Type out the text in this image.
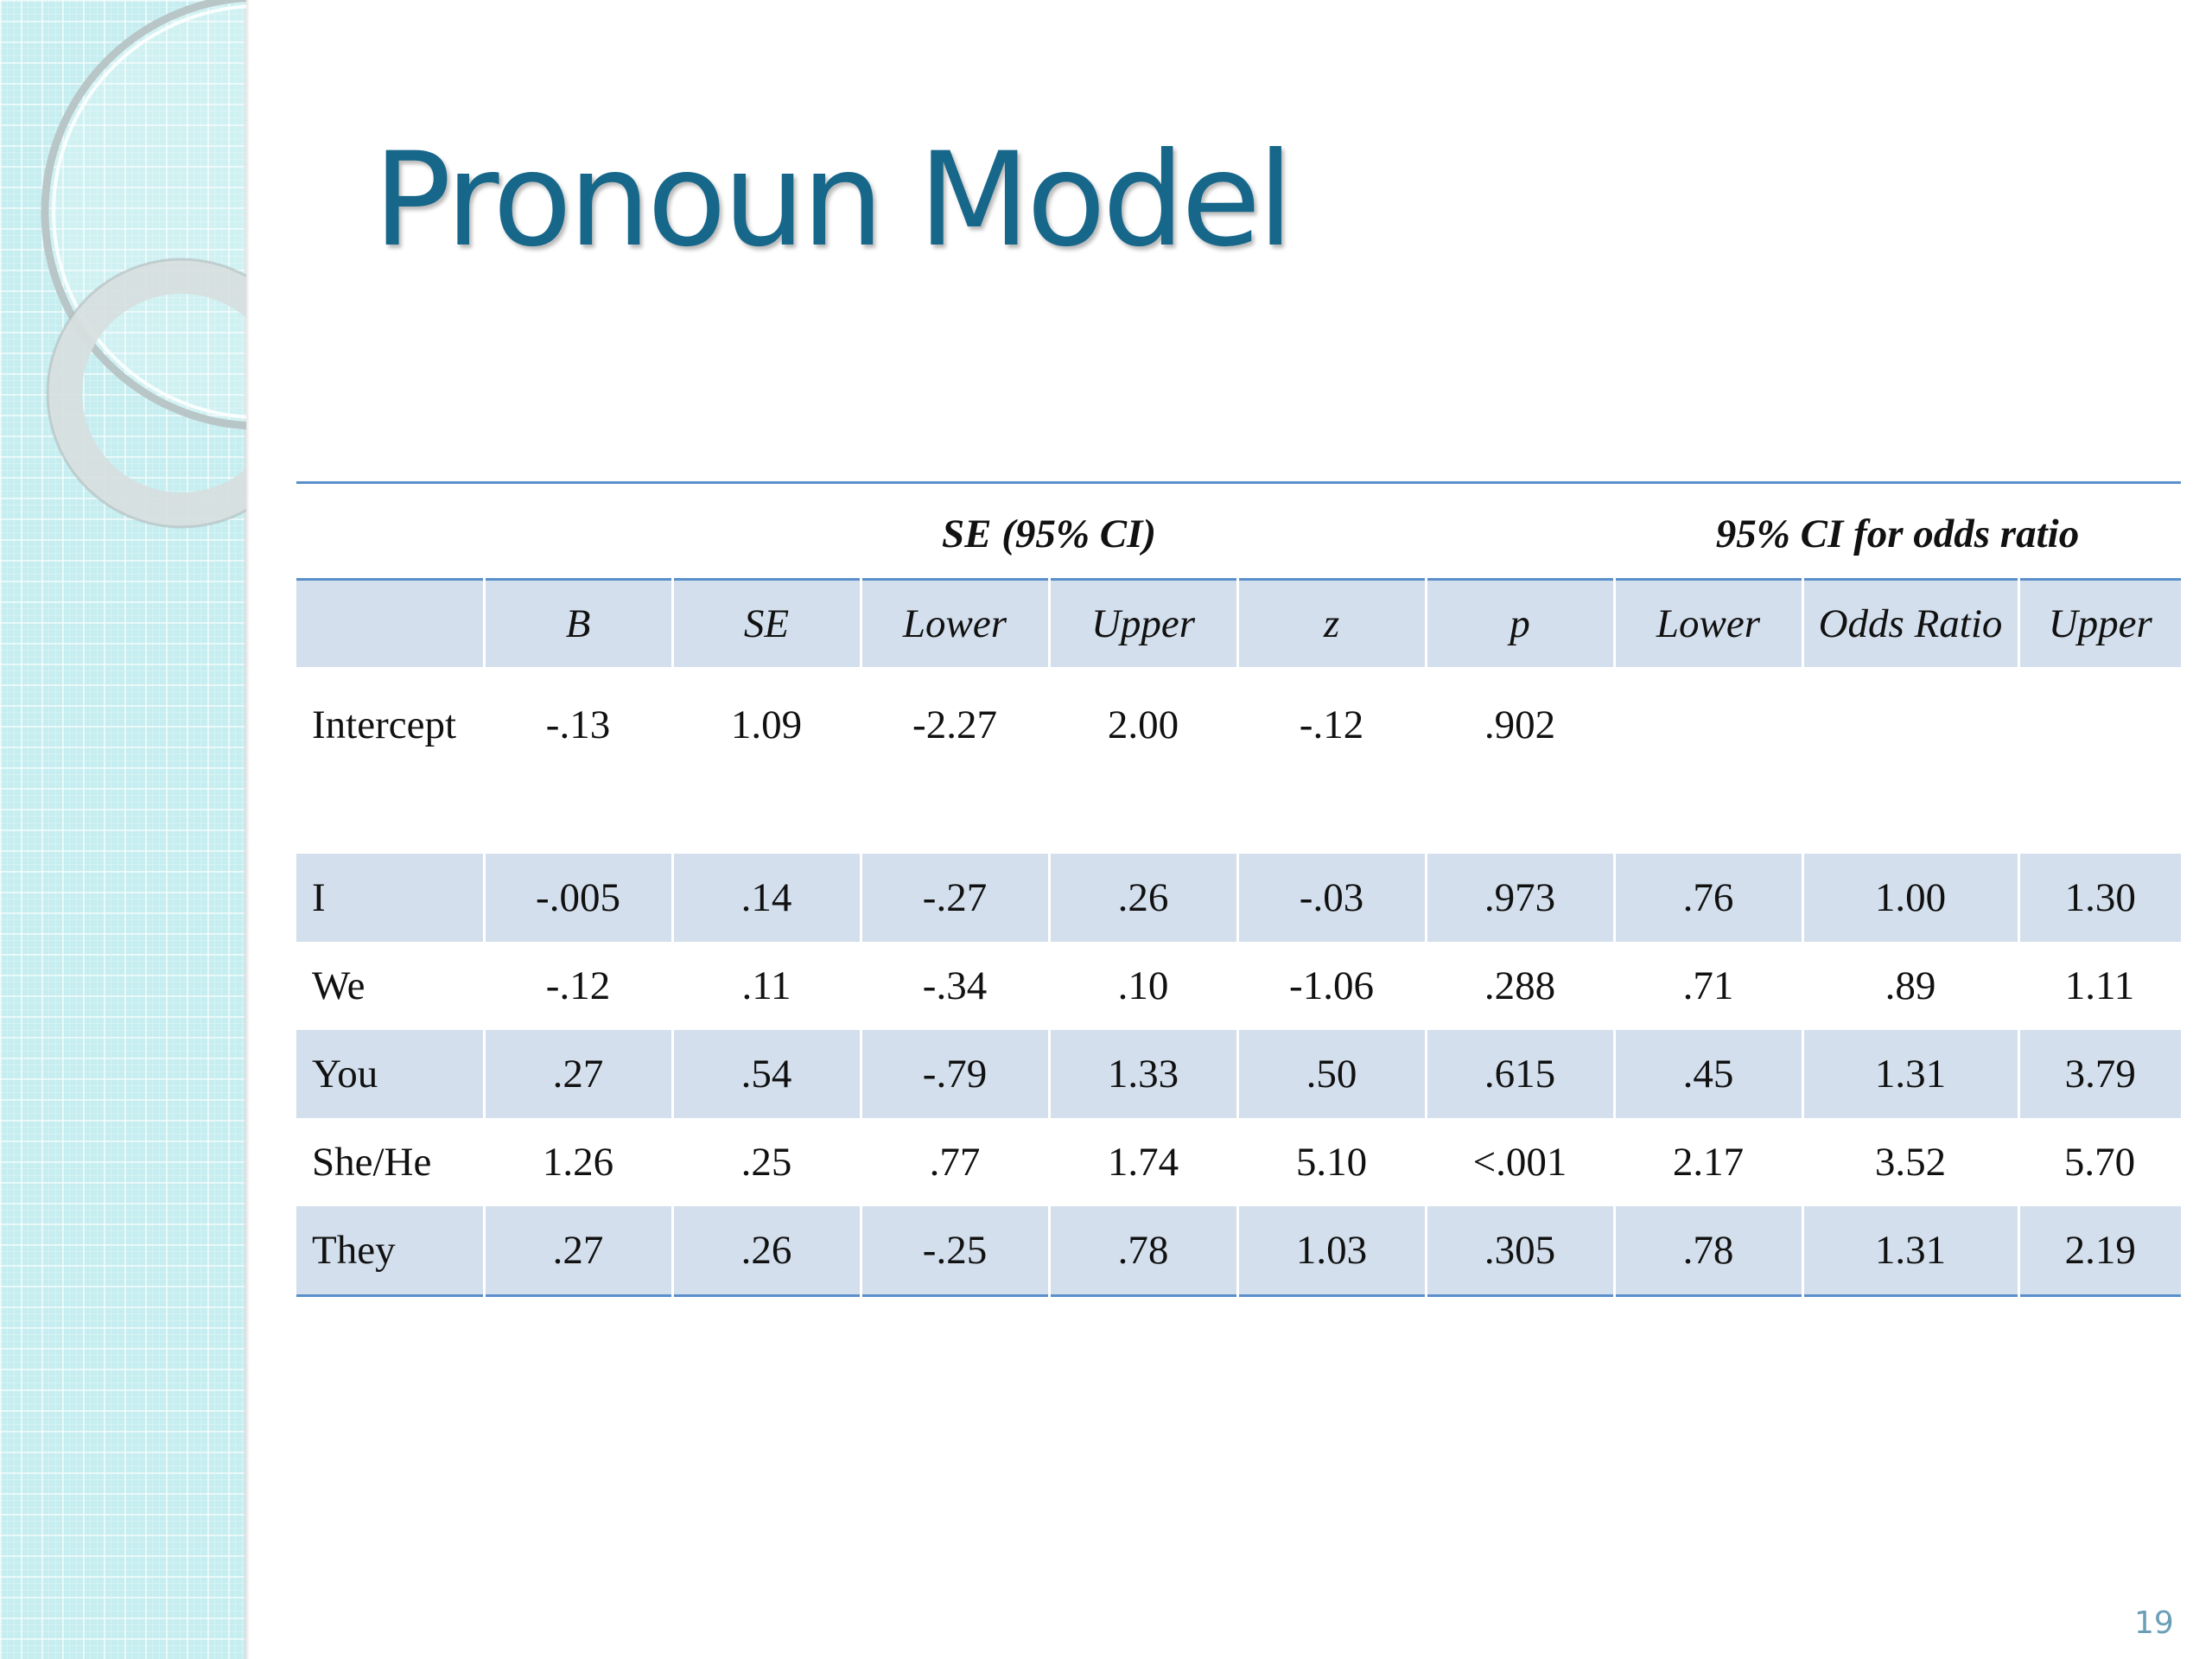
Pronoun Model
			SE (95% CI)				95% CI for odds ratio		
	B	SE	Lower	Upper	z	p	Lower	Odds Ratio	Upper
Intercept	-.13	1.09	-2.27	2.00	-.12	.902			
I	-.005	.14	-.27	.26	-.03	.973	.76	1.00	1.30
We	-.12	.11	-.34	.10	-1.06	.288	.71	.89	1.11
You	.27	.54	-.79	1.33	.50	.615	.45	1.31	3.79
She/He	1.26	.25	.77	1.74	5.10	<.001	2.17	3.52	5.70
They	.27	.26	-.25	.78	1.03	.305	.78	1.31	2.19
19
